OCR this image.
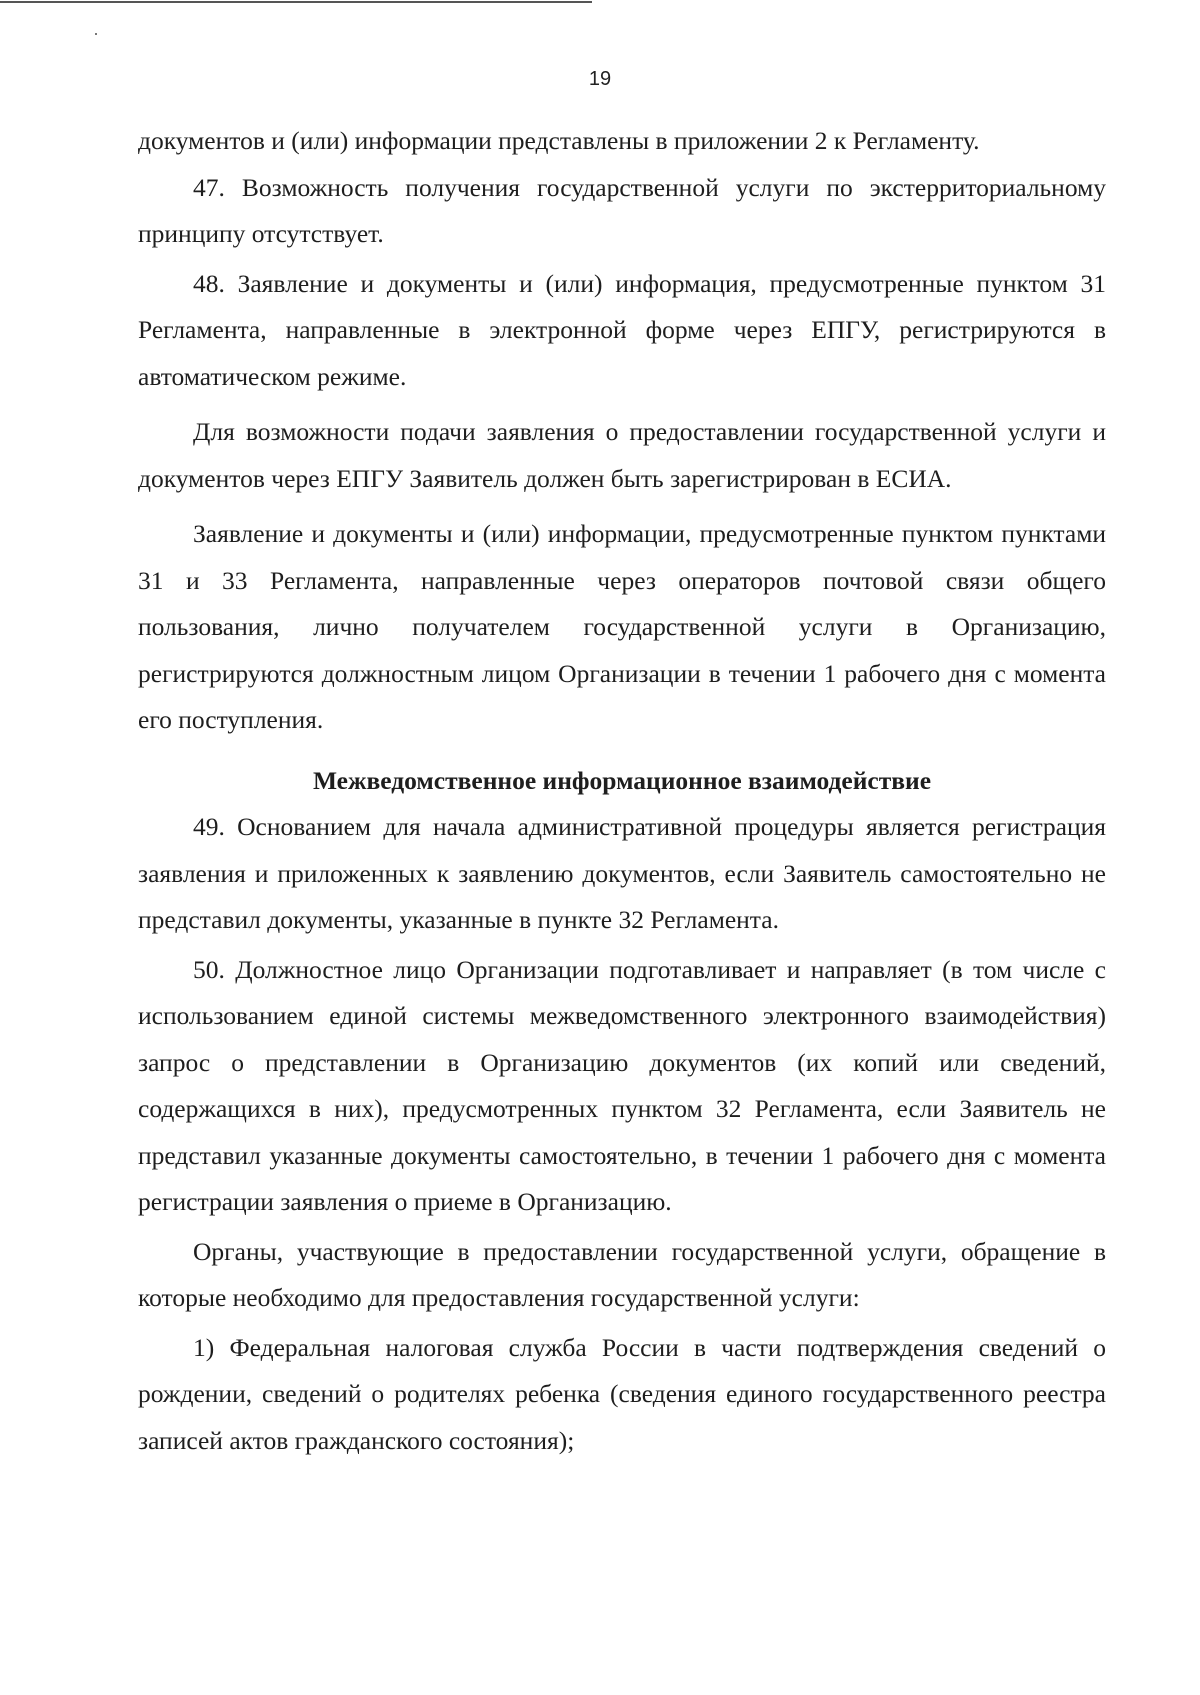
19

документов и (или) информации представлены в приложении 2 к Регламенту.

47. Возможность получения государственной услуги по экстерриториальному принципу отсутствует.

48. Заявление и документы и (или) информация, предусмотренные пунктом 31 Регламента, направленные в электронной форме через ЕПГУ, регистрируются в автоматическом режиме.

Для возможности подачи заявления о предоставлении государственной услуги и документов через ЕПГУ Заявитель должен быть зарегистрирован в ЕСИА.

Заявление и документы и (или) информации, предусмотренные пунктом пунктами 31 и 33 Регламента, направленные через операторов почтовой связи общего пользования, лично получателем государственной услуги в Организацию, регистрируются должностным лицом Организации в течении 1 рабочего дня с момента его поступления.

Межведомственное информационное взаимодействие

49. Основанием для начала административной процедуры является регистрация заявления и приложенных к заявлению документов, если Заявитель самостоятельно не представил документы, указанные в пункте 32 Регламента.

50. Должностное лицо Организации подготавливает и направляет (в том числе с использованием единой системы межведомственного электронного взаимодействия) запрос о представлении в Организацию документов (их копий или сведений, содержащихся в них), предусмотренных пунктом 32 Регламента, если Заявитель не представил указанные документы самостоятельно, в течении 1 рабочего дня с момента регистрации заявления о приеме в Организацию.

Органы, участвующие в предоставлении государственной услуги, обращение в которые необходимо для предоставления государственной услуги:

1) Федеральная налоговая служба России в части подтверждения сведений о рождении, сведений о родителях ребенка (сведения единого государственного реестра записей актов гражданского состояния);
